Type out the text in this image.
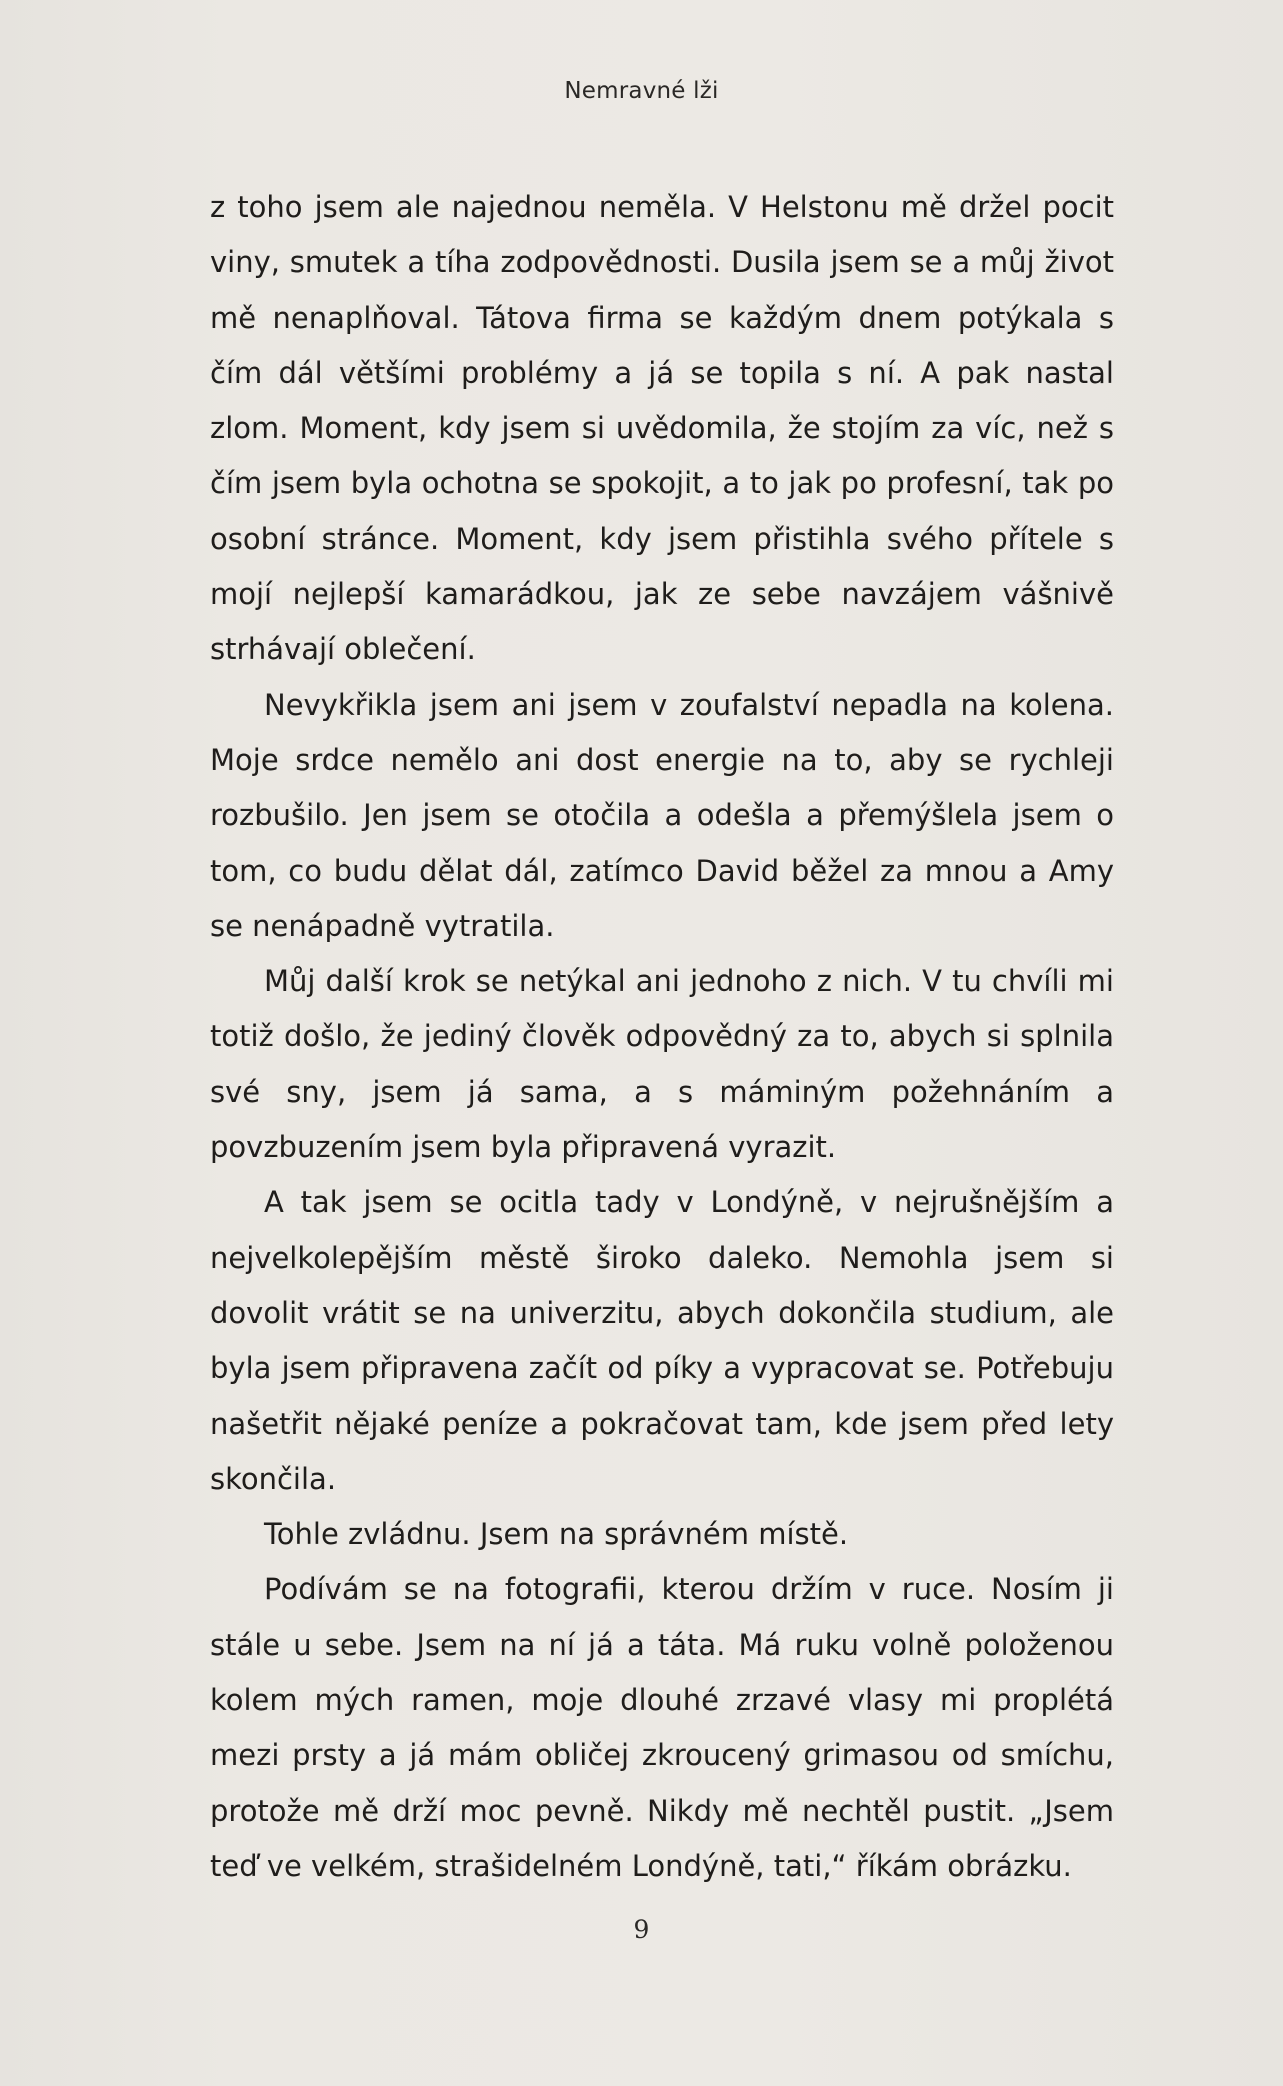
Nemravné lži

z toho jsem ale najednou neměla. V Helstonu mě držel pocit viny, smutek a tíha zodpovědnosti. Dusila jsem se a můj život mě nenaplňoval. Tátova firma se každým dnem potýkala s čím dál většími problémy a já se topila s ní. A pak nastal zlom. Moment, kdy jsem si uvědomila, že stojím za víc, než s čím jsem byla ochotna se spokojit, a to jak po profesní, tak po osobní stránce. Moment, kdy jsem přistihla svého přítele s mojí nejlepší kamarádkou, jak ze sebe navzájem vášnivě strhávají oblečení.

Nevykřikla jsem ani jsem v zoufalství nepadla na kolena. Moje srdce nemělo ani dost energie na to, aby se rychleji rozbušilo. Jen jsem se otočila a odešla a přemýšlela jsem o tom, co budu dělat dál, zatímco David běžel za mnou a Amy se nenápadně vytratila.

Můj další krok se netýkal ani jednoho z nich. V tu chvíli mi totiž došlo, že jediný člověk odpovědný za to, abych si splnila své sny, jsem já sama, a s máminým požehnáním a povzbuzením jsem byla připravená vyrazit.

A tak jsem se ocitla tady v Londýně, v nejrušnějším a nejvelkolepějším městě široko daleko. Nemohla jsem si dovolit vrátit se na univerzitu, abych dokončila studium, ale byla jsem připravena začít od píky a vypracovat se. Potřebuju našetřit nějaké peníze a pokračovat tam, kde jsem před lety skončila.

Tohle zvládnu. Jsem na správném místě.

Podívám se na fotografii, kterou držím v ruce. Nosím ji stále u sebe. Jsem na ní já a táta. Má ruku volně položenou kolem mých ramen, moje dlouhé zrzavé vlasy mi proplétá mezi prsty a já mám obličej zkroucený grimasou od smíchu, protože mě drží moc pevně. Nikdy mě nechtěl pustit. „Jsem teď ve velkém, strašidelném Londýně, tati,“ říkám obrázku.

9
